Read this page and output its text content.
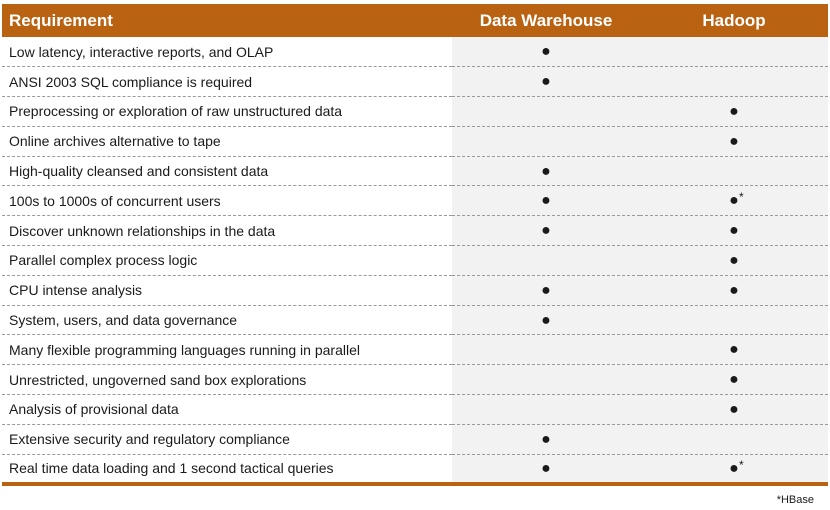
Requirement	Data Warehouse	Hadoop
Low latency, interactive reports, and OLAP	●	
ANSI 2003 SQL compliance is required	●	
Preprocessing or exploration of raw unstructured data		●
Online archives alternative to tape		●
High-quality cleansed and consistent data	●	
100s to 1000s of concurrent users	●	● *

Discover unknown relationships in the data	●	●
Parallel complex process logic		●
CPU intense analysis	●	●
System, users, and data governance	●	
Many flexible programming languages running in parallel		●
Unrestricted, ungoverned sand box explorations		●
Analysis of provisional data		●
Extensive security and regulatory compliance	●	
Real time data loading and 1 second tactical queries	●	● *
*HBase
